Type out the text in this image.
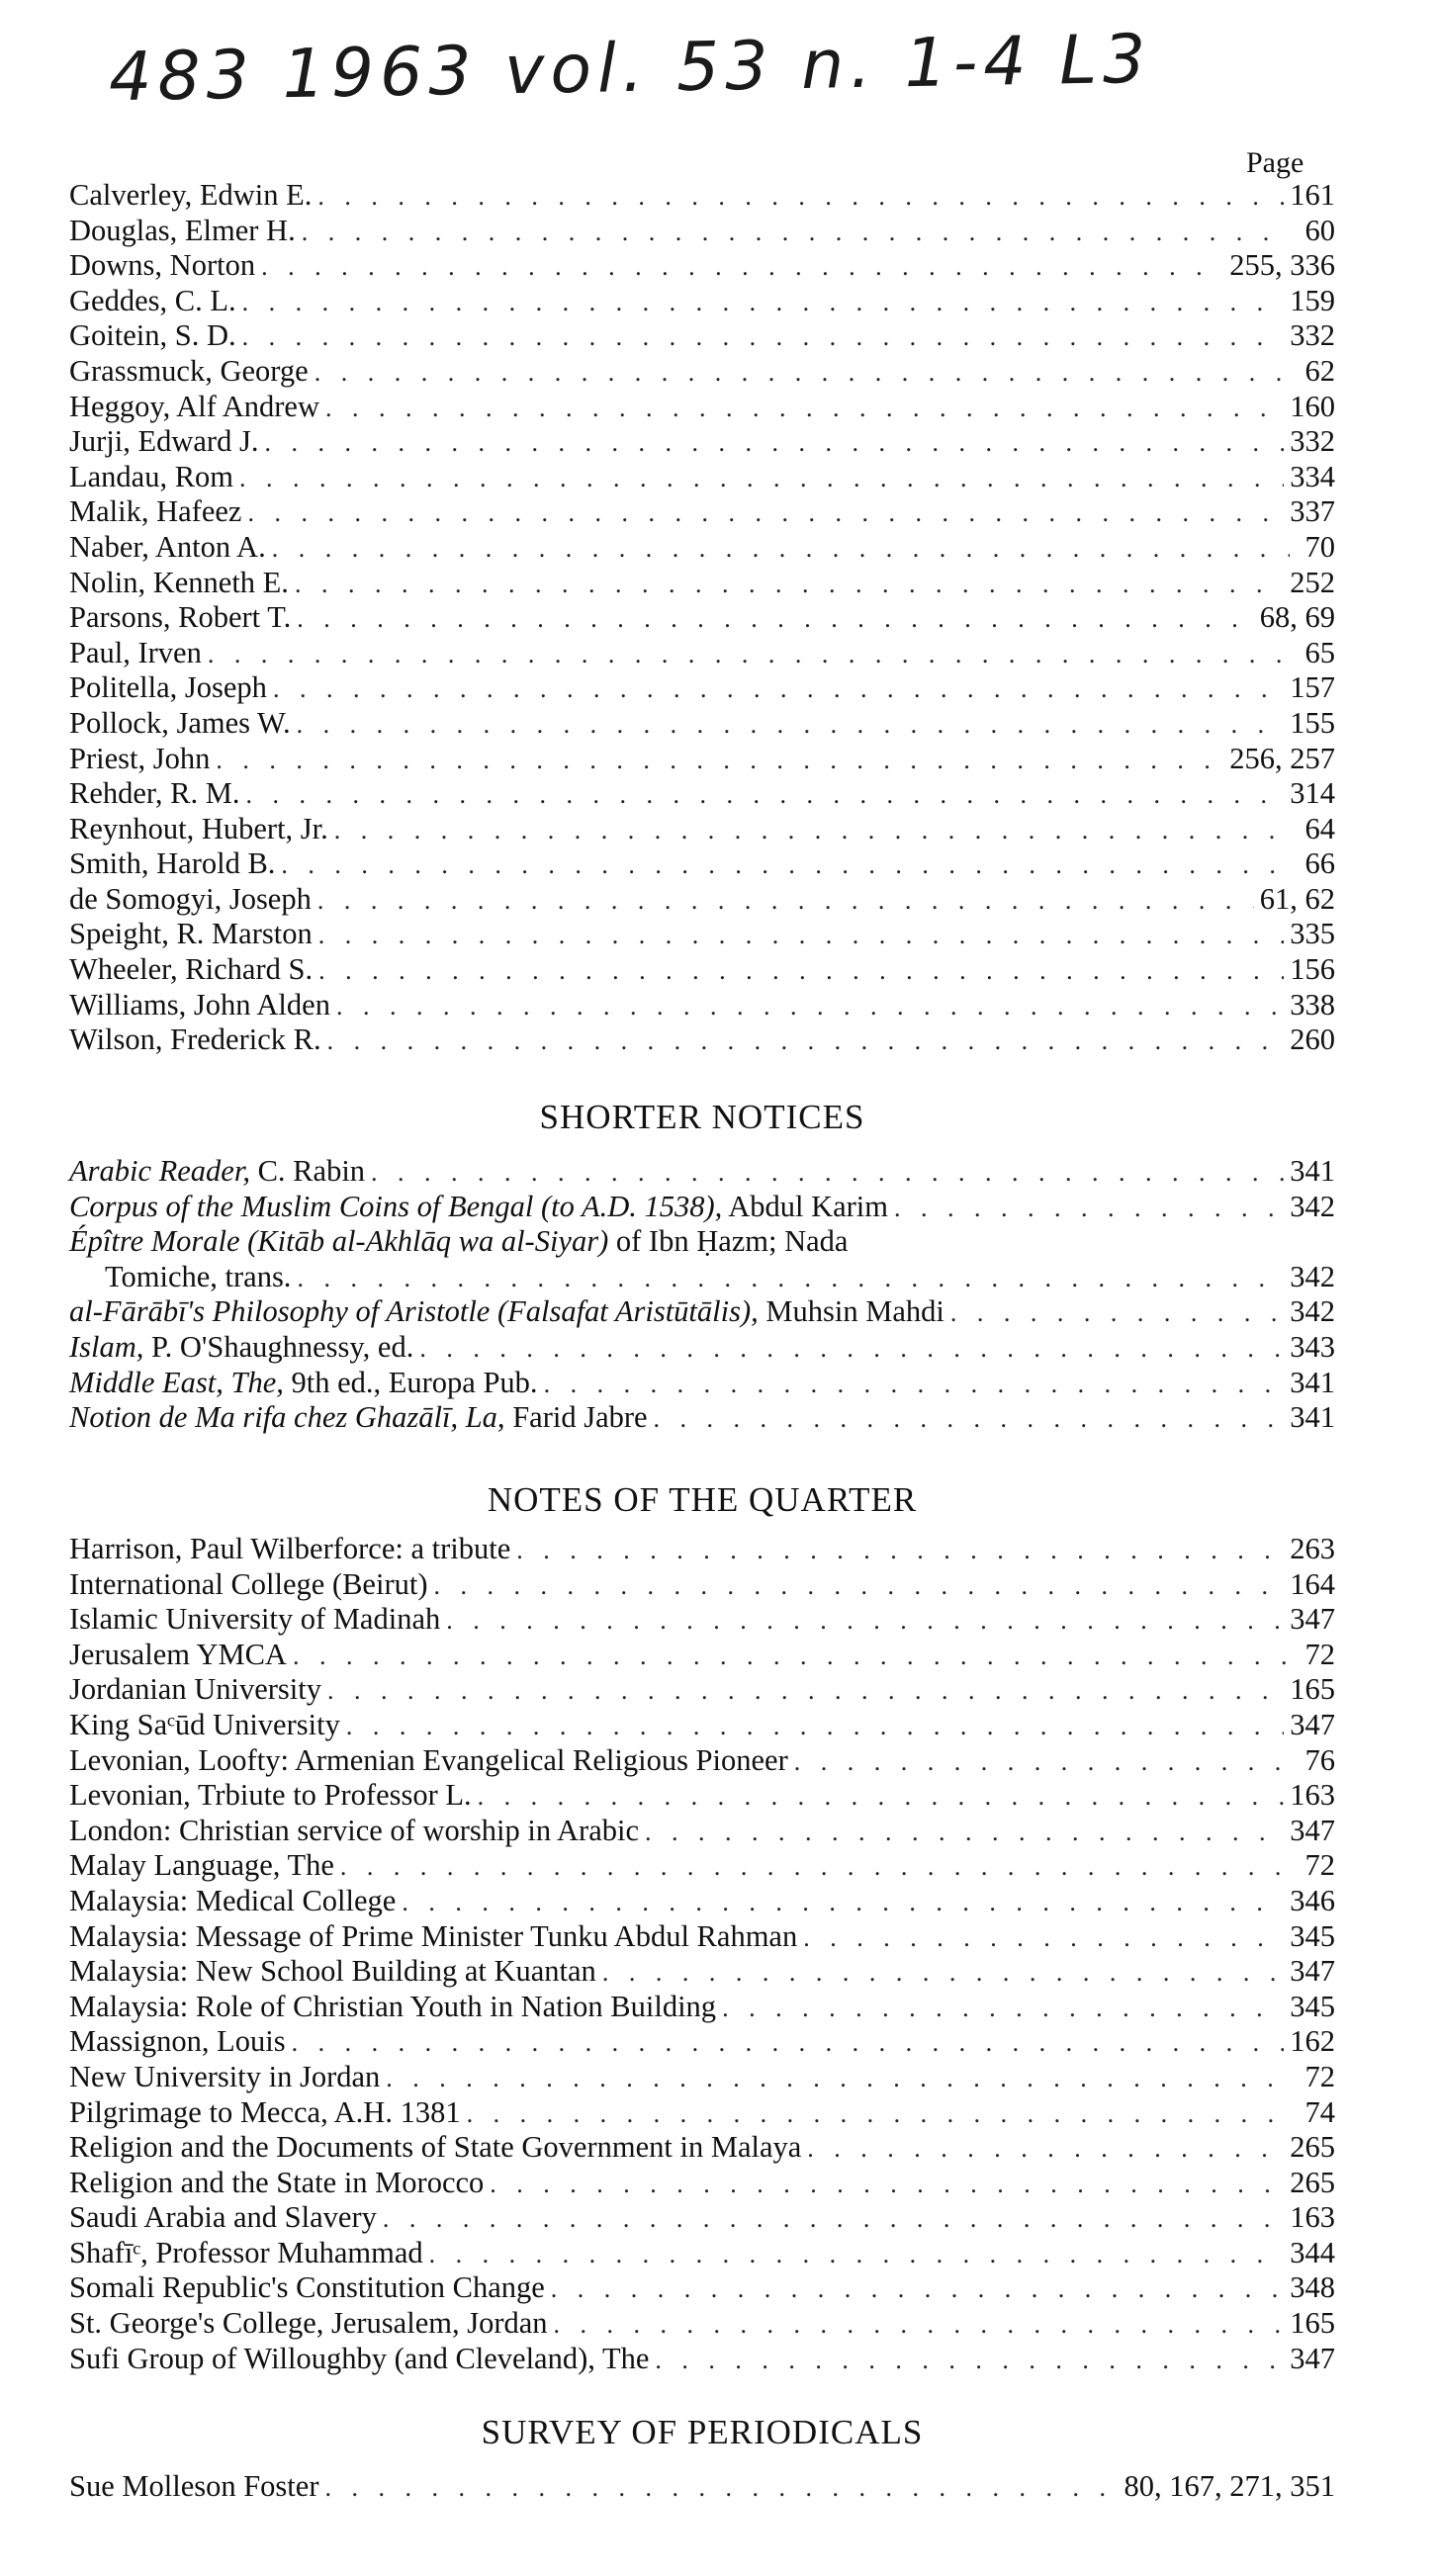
483 1963 vol. 53 n. 1-4 L3
Page
Calverley, Edwin E. . . .	161
Douglas, Elmer H. . . .	60
Downs, Norton . . .	255, 336
Geddes, C. L. . . .	159
Goitein, S. D. . . .	332
Grassmuck, George . . .	62
Heggoy, Alf Andrew . . .	160
Jurji, Edward J. . . .	332
Landau, Rom . . .	334
Malik, Hafeez . . .	337
Naber, Anton A. . . .	70
Nolin, Kenneth E. . . .	252
Parsons, Robert T. . . .	68, 69
Paul, Irven . . .	65
Politella, Joseph . . .	157
Pollock, James W. . . .	155
Priest, John . . .	256, 257
Rehder, R. M. . . .	314
Reynhout, Hubert, Jr. . . .	64
Smith, Harold B. . . .	66
de Somogyi, Joseph . . .	61, 62
Speight, R. Marston . . .	335
Wheeler, Richard S. . . .	156
Williams, John Alden . . .	338
Wilson, Frederick R. . . .	260
SHORTER NOTICES
Arabic Reader, C. Rabin . . .	341
Corpus of the Muslim Coins of Bengal (to A.D. 1538), Abdul Karim . . .	342
Épître Morale (Kitāb al-Akhlāq wa al-Siyar) of Ibn Ḥazm; Nada
Tomiche, trans. . . .	342
al-Fārābī's Philosophy of Aristotle (Falsafat Aristūtālis), Muhsin Mahdi . . .	342
Islam, P. O'Shaughnessy, ed. . . .	343
Middle East, The, 9th ed., Europa Pub. . . .	341
Notion de Ma rifa chez Ghazālī, La, Farid Jabre . . .	341
NOTES OF THE QUARTER
Harrison, Paul Wilberforce: a tribute . . .	263
International College (Beirut) . . .	164
Islamic University of Madinah . . .	347
Jerusalem YMCA . . .	72
Jordanian University . . .	165
King Saᶜūd University . . .	347
Levonian, Loofty: Armenian Evangelical Religious Pioneer . . .	76
Levonian, Trbiute to Professor L. . . .	163
London: Christian service of worship in Arabic . . .	347
Malay Language, The . . .	72
Malaysia: Medical College . . .	346
Malaysia: Message of Prime Minister Tunku Abdul Rahman . . .	345
Malaysia: New School Building at Kuantan . . .	347
Malaysia: Role of Christian Youth in Nation Building . . .	345
Massignon, Louis . . .	162
New University in Jordan . . .	72
Pilgrimage to Mecca, A.H. 1381 . . .	74
Religion and the Documents of State Government in Malaya . . .	265
Religion and the State in Morocco . . .	265
Saudi Arabia and Slavery . . .	163
Shafīᶜ, Professor Muhammad . . .	344
Somali Republic's Constitution Change . . .	348
St. George's College, Jerusalem, Jordan . . .	165
Sufi Group of Willoughby (and Cleveland), The . . .	347
SURVEY OF PERIODICALS
Sue Molleson Foster . . .	80, 167, 271, 351
